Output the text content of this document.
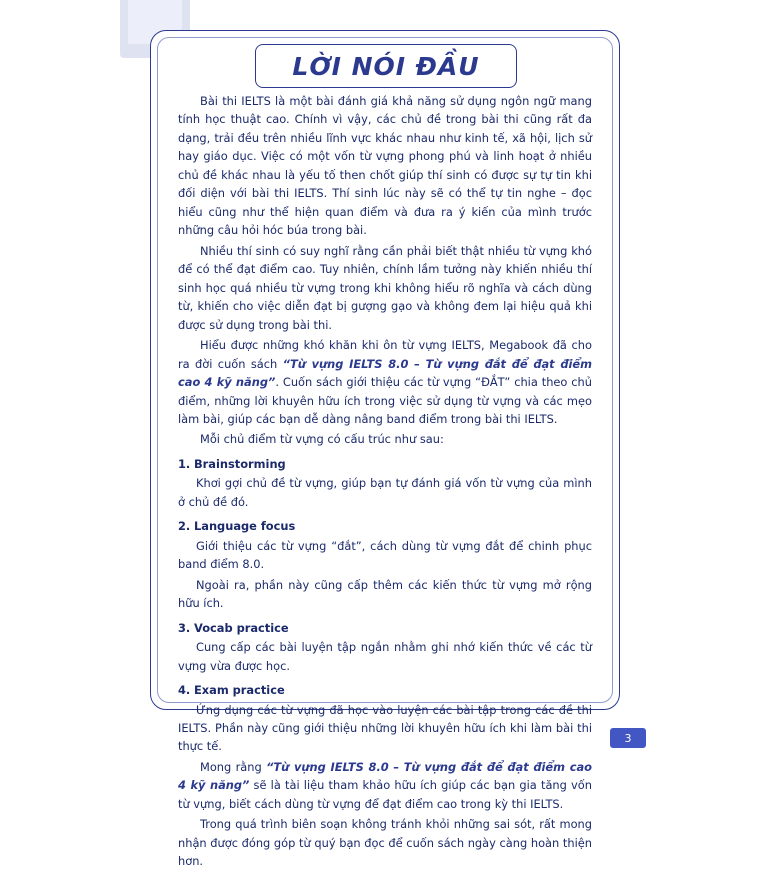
LỜI NÓI ĐẦU

Bài thi IELTS là một bài đánh giá khả năng sử dụng ngôn ngữ mang tính học thuật cao. Chính vì vậy, các chủ đề trong bài thi cũng rất đa dạng, trải đều trên nhiều lĩnh vực khác nhau như kinh tế, xã hội, lịch sử hay giáo dục. Việc có một vốn từ vựng phong phú và linh hoạt ở nhiều chủ đề khác nhau là yếu tố then chốt giúp thí sinh có được sự tự tin khi đối diện với bài thi IELTS. Thí sinh lúc này sẽ có thể tự tin nghe – đọc hiểu cũng như thể hiện quan điểm và đưa ra ý kiến của mình trước những câu hỏi hóc búa trong bài.

Nhiều thí sinh có suy nghĩ rằng cần phải biết thật nhiều từ vựng khó để có thể đạt điểm cao. Tuy nhiên, chính lầm tưởng này khiến nhiều thí sinh học quá nhiều từ vựng trong khi không hiểu rõ nghĩa và cách dùng từ, khiến cho việc diễn đạt bị gượng gạo và không đem lại hiệu quả khi được sử dụng trong bài thi.

Hiểu được những khó khăn khi ôn từ vựng IELTS, Megabook đã cho ra đời cuốn sách “Từ vựng IELTS 8.0 – Từ vựng đắt để đạt điểm cao 4 kỹ năng”. Cuốn sách giới thiệu các từ vựng “ĐẮT” chia theo chủ điểm, những lời khuyên hữu ích trong việc sử dụng từ vựng và các mẹo làm bài, giúp các bạn dễ dàng nâng band điểm trong bài thi IELTS.

Mỗi chủ điểm từ vựng có cấu trúc như sau:

1. Brainstorming

Khơi gợi chủ đề từ vựng, giúp bạn tự đánh giá vốn từ vựng của mình ở chủ đề đó.

2. Language focus

Giới thiệu các từ vựng “đắt”, cách dùng từ vựng đắt để chinh phục band điểm 8.0.

Ngoài ra, phần này cũng cấp thêm các kiến thức từ vựng mở rộng hữu ích.

3. Vocab practice

Cung cấp các bài luyện tập ngắn nhằm ghi nhớ kiến thức về các từ vựng vừa được học.

4. Exam practice

Ứng dụng các từ vựng đã học vào luyện các bài tập trong các đề thi IELTS. Phần này cũng giới thiệu những lời khuyên hữu ích khi làm bài thi thực tế.

Mong rằng “Từ vựng IELTS 8.0 – Từ vựng đắt để đạt điểm cao 4 kỹ năng” sẽ là tài liệu tham khảo hữu ích giúp các bạn gia tăng vốn từ vựng, biết cách dùng từ vựng để đạt điểm cao trong kỳ thi IELTS.

Trong quá trình biên soạn không tránh khỏi những sai sót, rất mong nhận được đóng góp từ quý bạn đọc để cuốn sách ngày càng hoàn thiện hơn.

3
